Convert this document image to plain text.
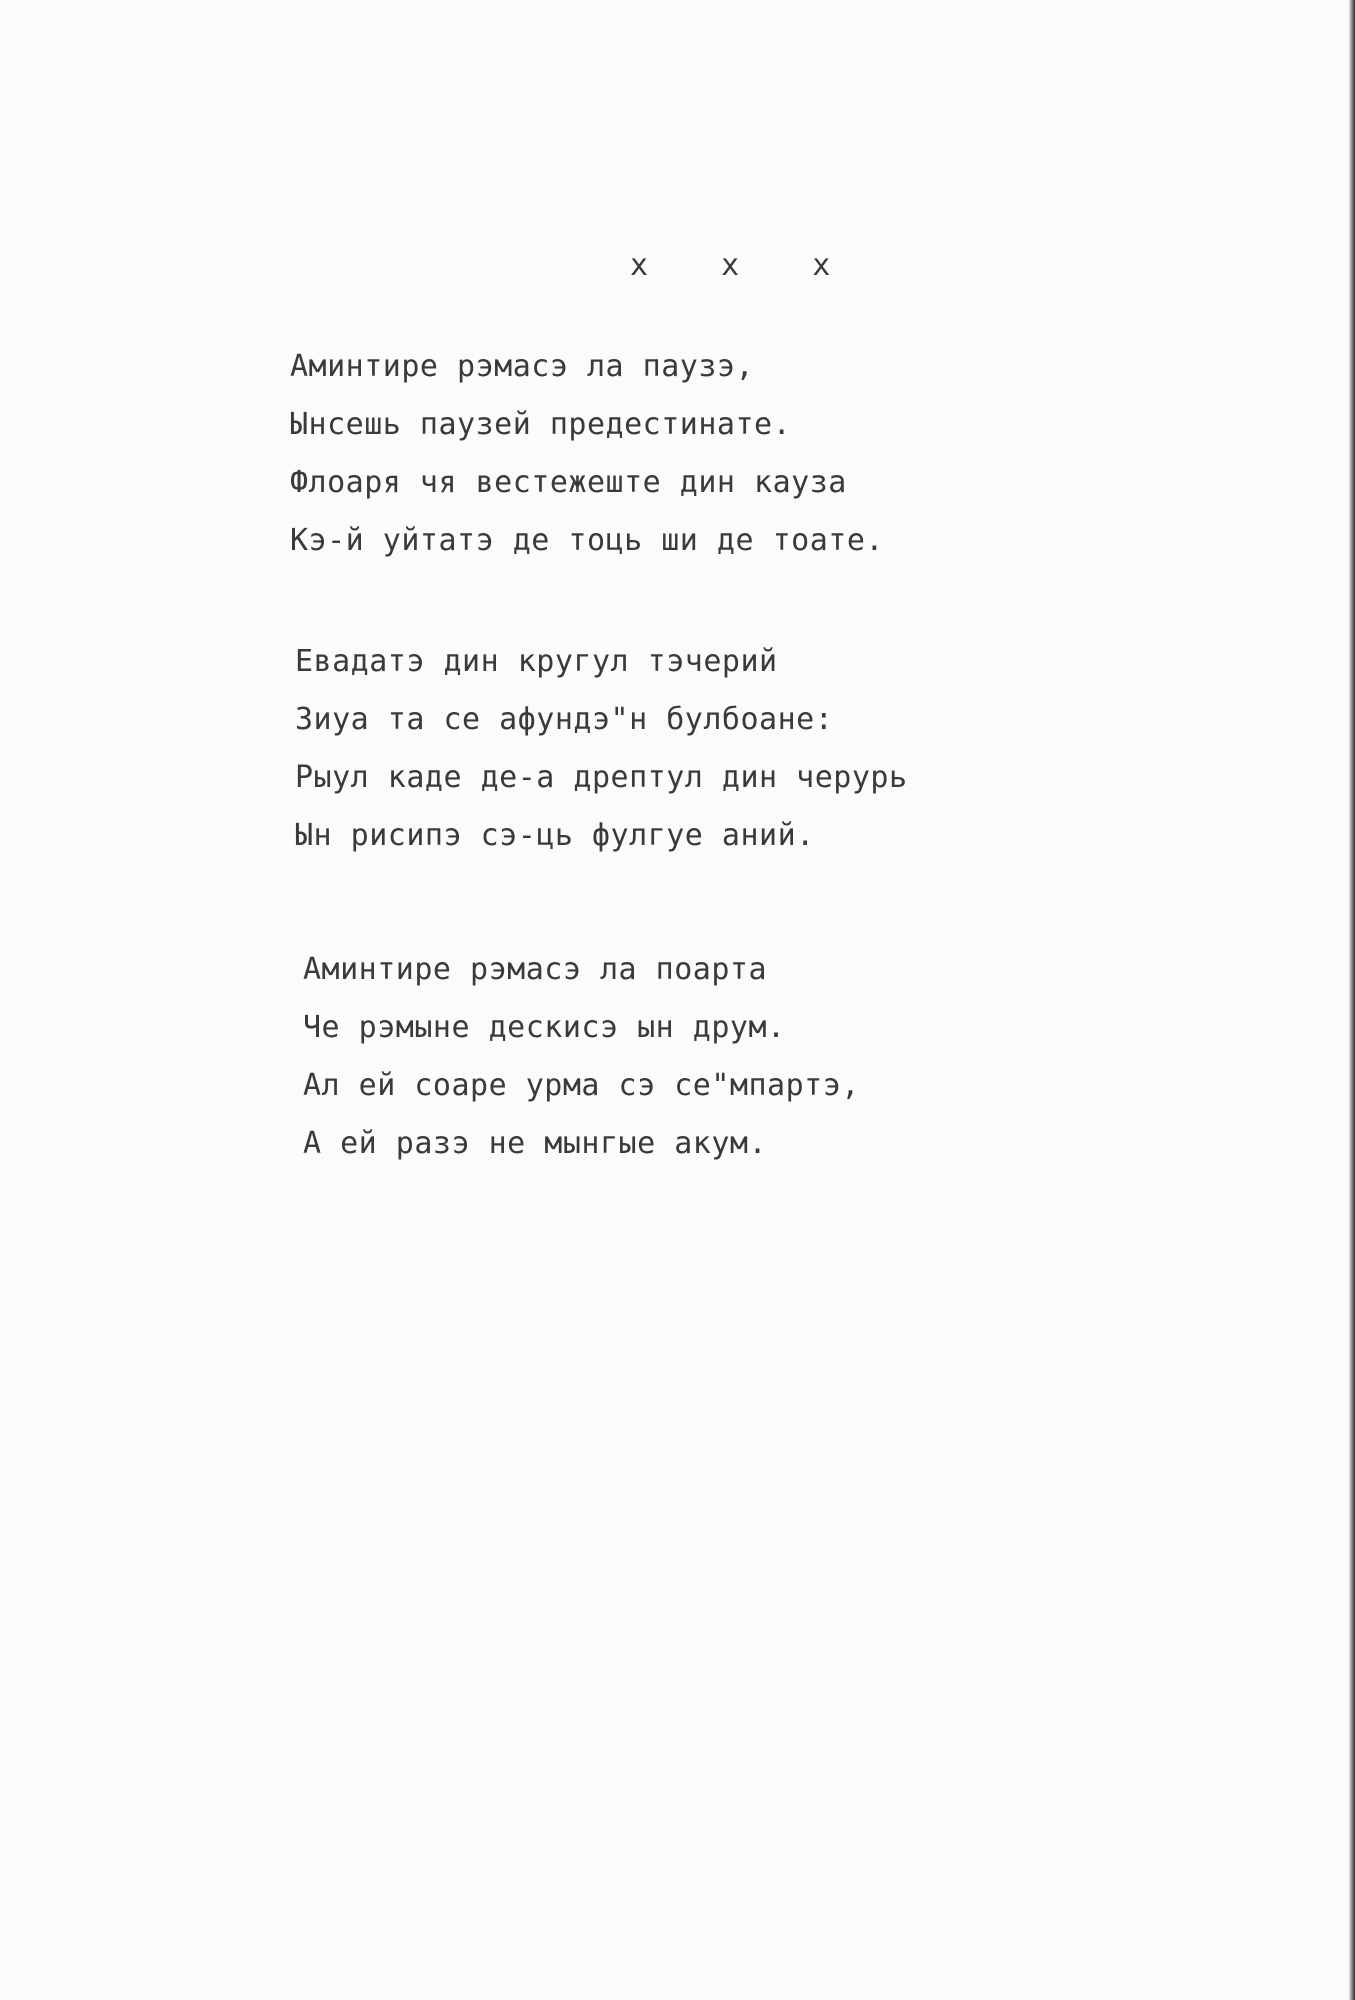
x x x
Аминтире рэмасэ ла паузэ,
Ынсешь паузей предестинате.
Флоаря чя вестежеште дин кауза
Кэ-й уйтатэ де тоць ши де тоате.
Евадатэ дин кругул тэчерий
Зиуа та се афундэ"н булбоане:
Рыул каде де-а дрептул дин черурь
Ын рисипэ сэ-ць фулгуе аний.
Аминтире рэмасэ ла поарта
Че рэмыне дескисэ ын друм.
Ал ей соаре урма сэ се"мпартэ,
А ей разэ не мынгые акум.
